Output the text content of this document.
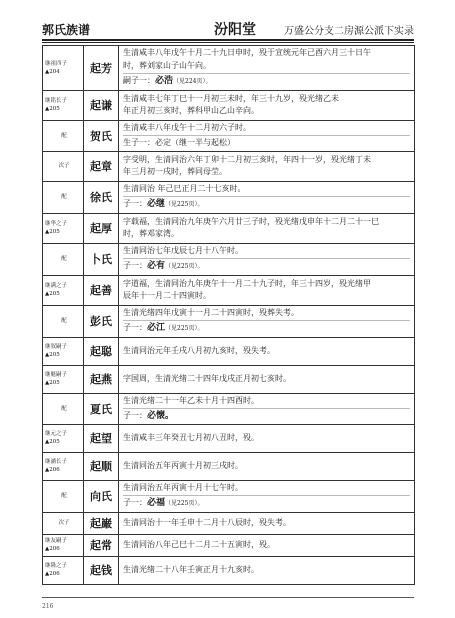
郭氏族谱	汾阳堂	万盛公分支二房源公派下实录
继祖四子
▲204	起芳	生清咸丰八年戊午十月二十九日申时，殁于宣统元年己酉六月三十日午
时，葬刘家山子山午向。
嗣子一：必浩（见224页）。

继铭长子
▲205	起谦	生清咸丰七年丁巳十一月初三未时，年三十九岁，殁光绪乙未
年正月初三亥时，葬科甲山乙山辛向。

配	贺氏	生清咸丰八年戊午十二月初六子时。
生子一：必定（继一半与起松）

次子	起章	字受明，生清同治六年丁卯十二月初三亥时，年四十一岁，殁光绪丁未
年三月初一戌时，葬同母茔。

配	徐氏	生清同治 年己巳正月二十七亥时。
子一：必继（见225页）。

继华之子
▲205	起厚	字载福，生清同治九年庚午六月廿三子时，殁光绪戊申年十二月二十一巳
时，葬邓家湾。

配	卜氏	生清同治七年戊辰七月十八午时。
子一：必有（见225页）。

继满之子
▲205	起善	字道福，生清同治九年庚午十一月二十九子时，年三十四岁，殁光绪甲
辰年十一月二十四寅时。

配	彭氏	生清光绪四年戊寅十一月二十四寅时，殁葬失考。
子一：必江（见225页）。

继叙嗣子
▲205	起聪	生清同治元年壬戌八月初九亥时，殁失考。

继魁嗣子
▲205	起燕	字国周，生清光绪二十四年戊戌正月初七亥时。

配	夏氏	生清光绪二十一年乙未十月十四酉时。
子一：必懐。

继元之子
▲205	起望	生清咸丰三年癸丑七月初八丑时，殁。

继涵长子
▲206	起顺	生清同治五年丙寅十月初三戌时。

配	向氏	生清同治五年丙寅十月十七午时。
子一：必福（见225页）。

次子	起巌	生清同治十一年壬申十二月十八辰时，殁失考。

继友嗣子
▲206	起常	生清同治八年己巳十二月二十五寅时，殁。

继隆之子
▲206	起钱	生清光绪二十八年壬寅正月十九亥时。
216
